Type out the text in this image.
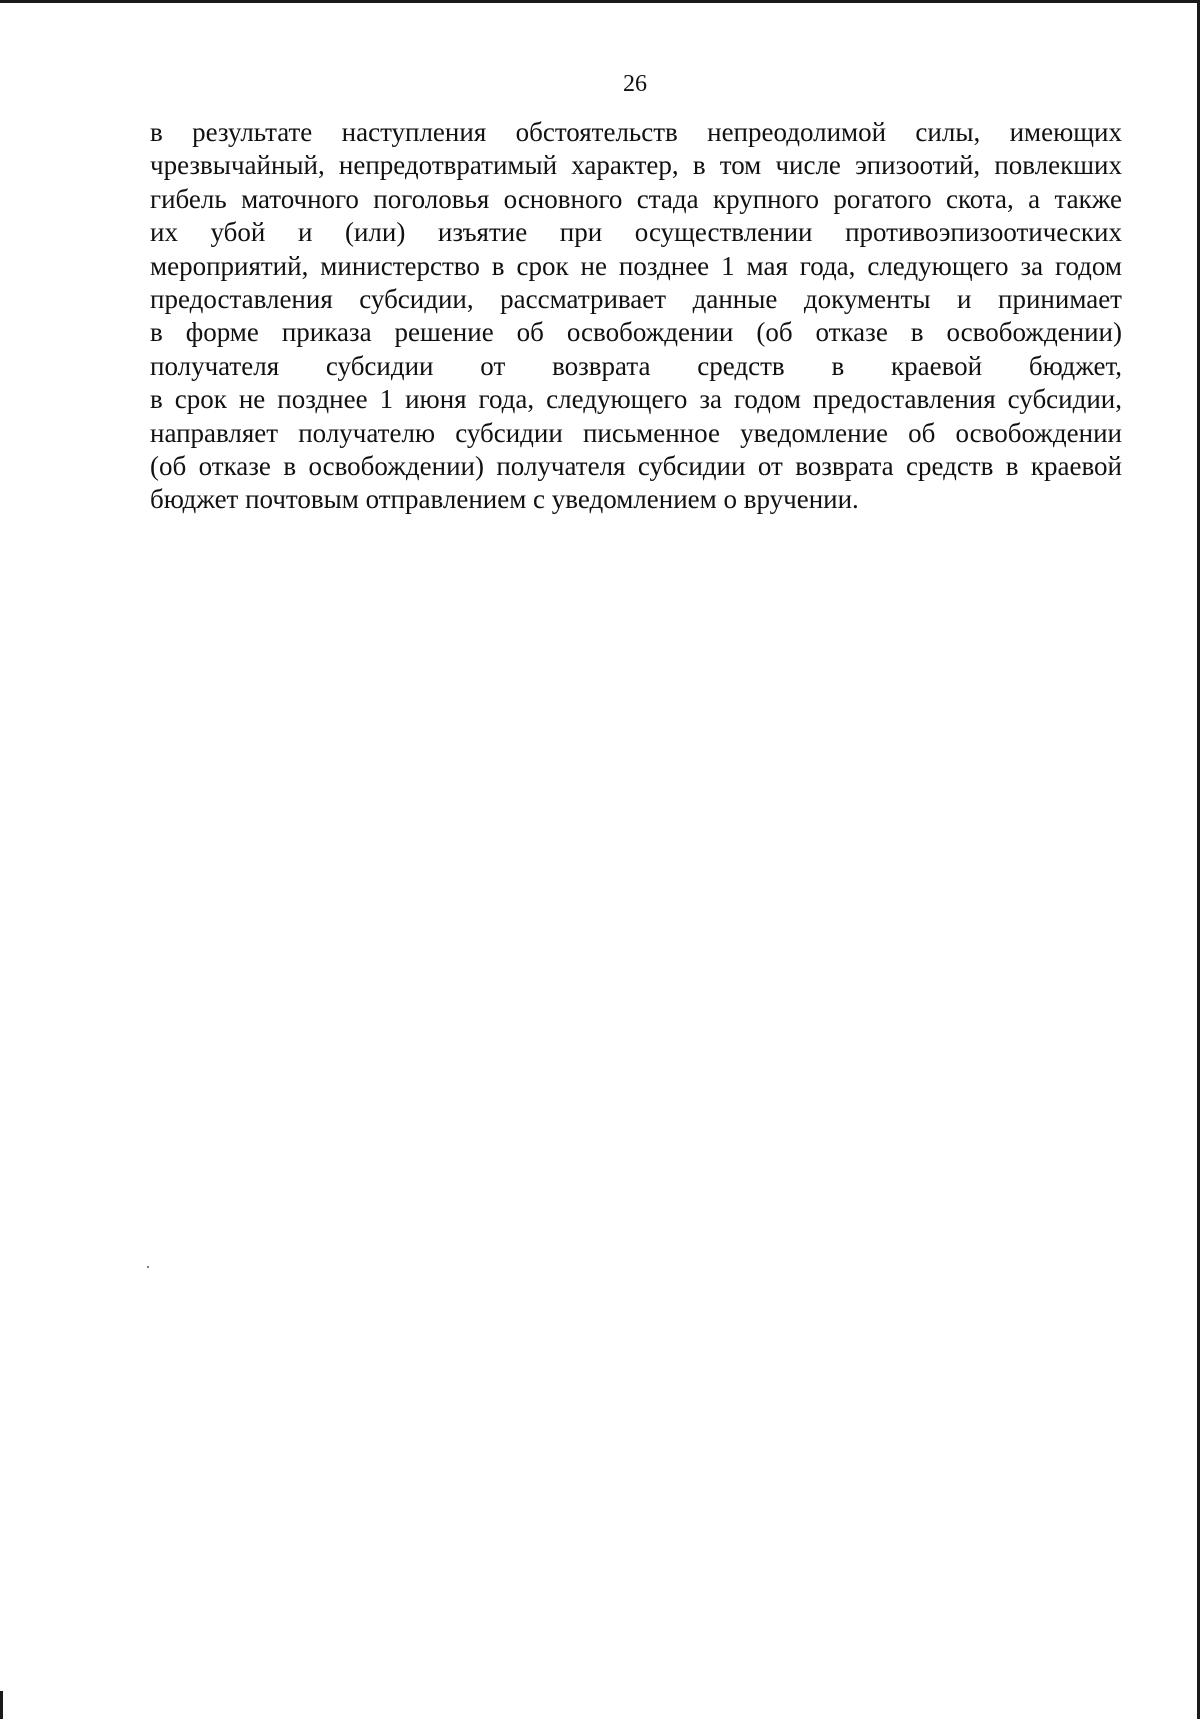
26

в результате наступления обстоятельств непреодолимой силы, имеющих
чрезвычайный, непредотвратимый характер, в том числе эпизоотий, повлекших
гибель маточного поголовья основного стада крупного рогатого скота, а также
их убой и (или) изъятие при осуществлении противоэпизоотических
мероприятий, министерство в срок не позднее 1 мая года, следующего за годом
предоставления субсидии, рассматривает данные документы и принимает
в форме приказа решение об освобождении (об отказе в освобождении)
получателя субсидии от возврата средств в краевой бюджет,
в срок не позднее 1 июня года, следующего за годом предоставления субсидии,
направляет получателю субсидии письменное уведомление об освобождении
(об отказе в освобождении) получателя субсидии от возврата средств в краевой
бюджет почтовым отправлением с уведомлением о вручении.
